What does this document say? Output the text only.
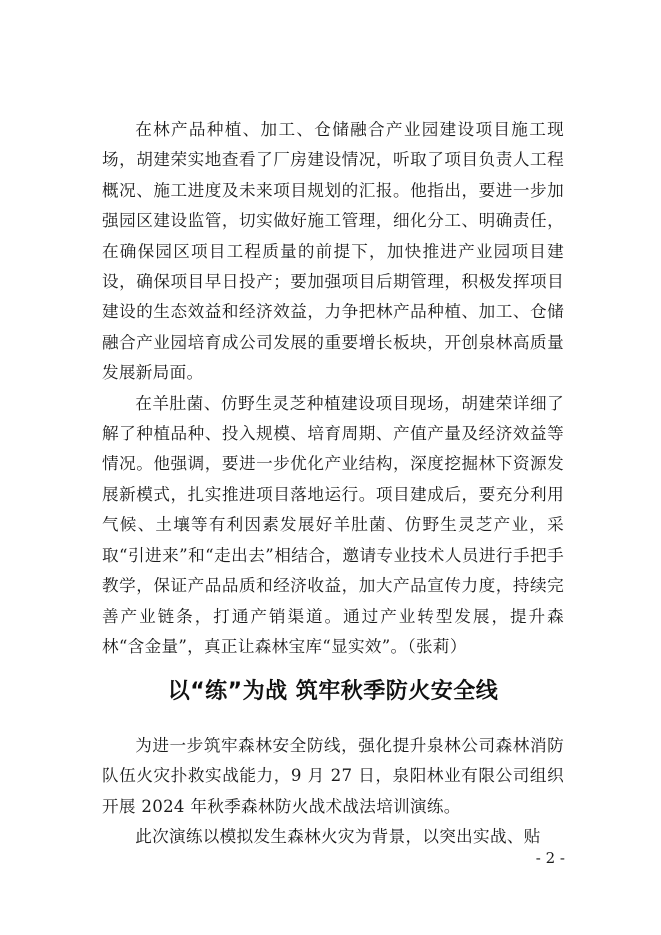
在林产品种植、加工、仓储融合产业园建设项目施工现场，胡建荣实地查看了厂房建设情况，听取了项目负责人工程概况、施工进度及未来项目规划的汇报。他指出，要进一步加强园区建设监管，切实做好施工管理，细化分工、明确责任，在确保园区项目工程质量的前提下，加快推进产业园项目建设，确保项目早日投产；要加强项目后期管理，积极发挥项目建设的生态效益和经济效益，力争把林产品种植、加工、仓储融合产业园培育成公司发展的重要增长板块，开创泉林高质量发展新局面。

在羊肚菌、仿野生灵芝种植建设项目现场，胡建荣详细了解了种植品种、投入规模、培育周期、产值产量及经济效益等情况。他强调，要进一步优化产业结构，深度挖掘林下资源发展新模式，扎实推进项目落地运行。项目建成后，要充分利用气候、土壤等有利因素发展好羊肚菌、仿野生灵芝产业，采取“引进来”和“走出去”相结合，邀请专业技术人员进行手把手教学，保证产品品质和经济收益，加大产品宣传力度，持续完善产业链条，打通产销渠道。通过产业转型发展，提升森林“含金量”，真正让森林宝库“显实效”。（张莉）

以“练”为战 筑牢秋季防火安全线

为进一步筑牢森林安全防线，强化提升泉林公司森林消防队伍火灾扑救实战能力，9 月 27 日，泉阳林业有限公司组织开展 2024 年秋季森林防火战术战法培训演练。

此次演练以模拟发生森林火灾为背景，以突出实战、贴

- 2 -
